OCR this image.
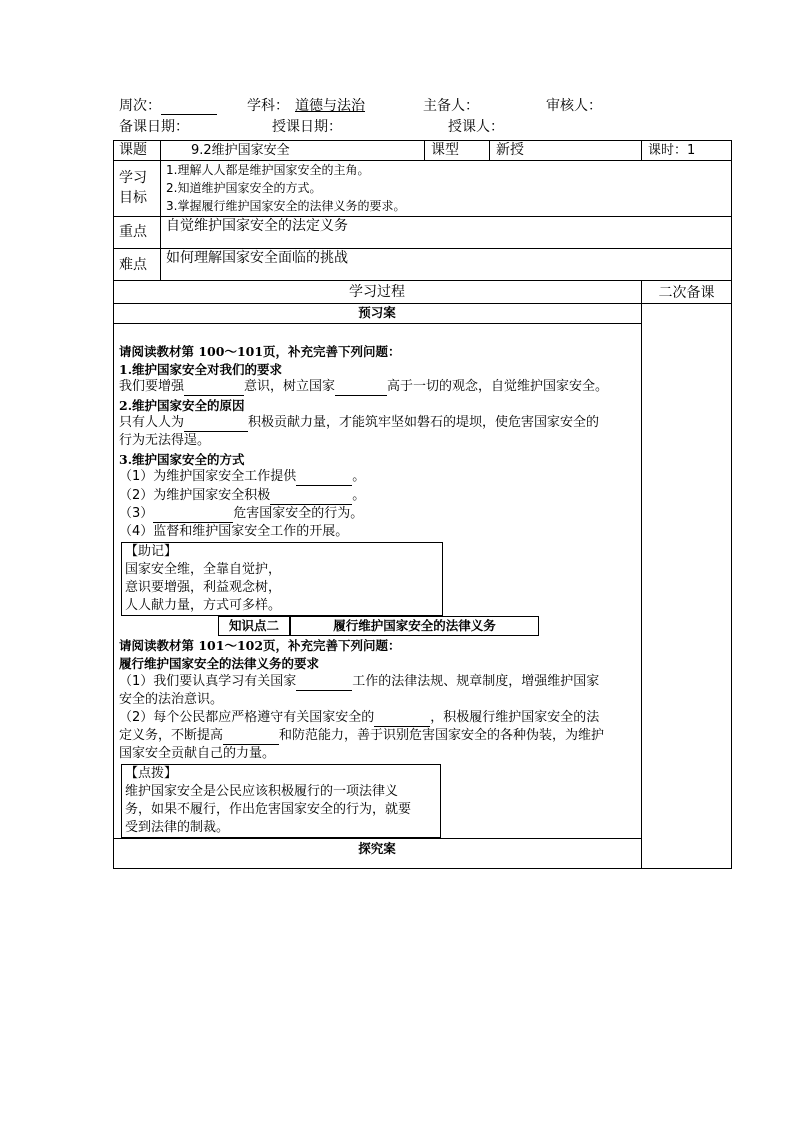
周次：	学科： 道德与法治	主备人：	审核人：
备课日期：	授课日期：	授课人：
课题	9.2维护国家安全	课型	新授	课时：1
学习
目标
1.理解人人都是维护国家安全的主角。
2.知道维护国家安全的方式。
3.掌握履行维护国家安全的法律义务的要求。
重点 自觉维护国家安全的法定义务
难点 如何理解国家安全面临的挑战
学习过程	二次备课
预习案
请阅读教材第 100～101页，补充完善下列问题：
1.维护国家安全对我们的要求
我们要增强	意识，树立国家	高于一切的观念，自觉维护国家安全。
2.维护国家安全的原因
只有人人为	积极贡献力量，才能筑牢坚如磐石的堤坝，使危害国家安全的
行为无法得逞。
3.维护国家安全的方式
（1）为维护国家安全工作提供	。
（2）为维护国家安全积极	。
（3）	危害国家安全的行为。
（4）监督和维护国家安全工作的开展。
【助记】
国家安全维，全靠自觉护，
意识要增强，利益观念树，
人人献力量，方式可多样。
知识点二	履行维护国家安全的法律义务
请阅读教材第 101～102页，补充完善下列问题：
履行维护国家安全的法律义务的要求
（1）我们要认真学习有关国家	工作的法律法规、规章制度，增强维护国家
安全的法治意识。
（2）每个公民都应严格遵守有关国家安全的	，积极履行维护国家安全的法
定义务，不断提高	和防范能力，善于识别危害国家安全的各种伪装，为维护
国家安全贡献自己的力量。
【点拨】
维护国家安全是公民应该积极履行的一项法律义
务，如果不履行，作出危害国家安全的行为，就要
受到法律的制裁。
探究案
